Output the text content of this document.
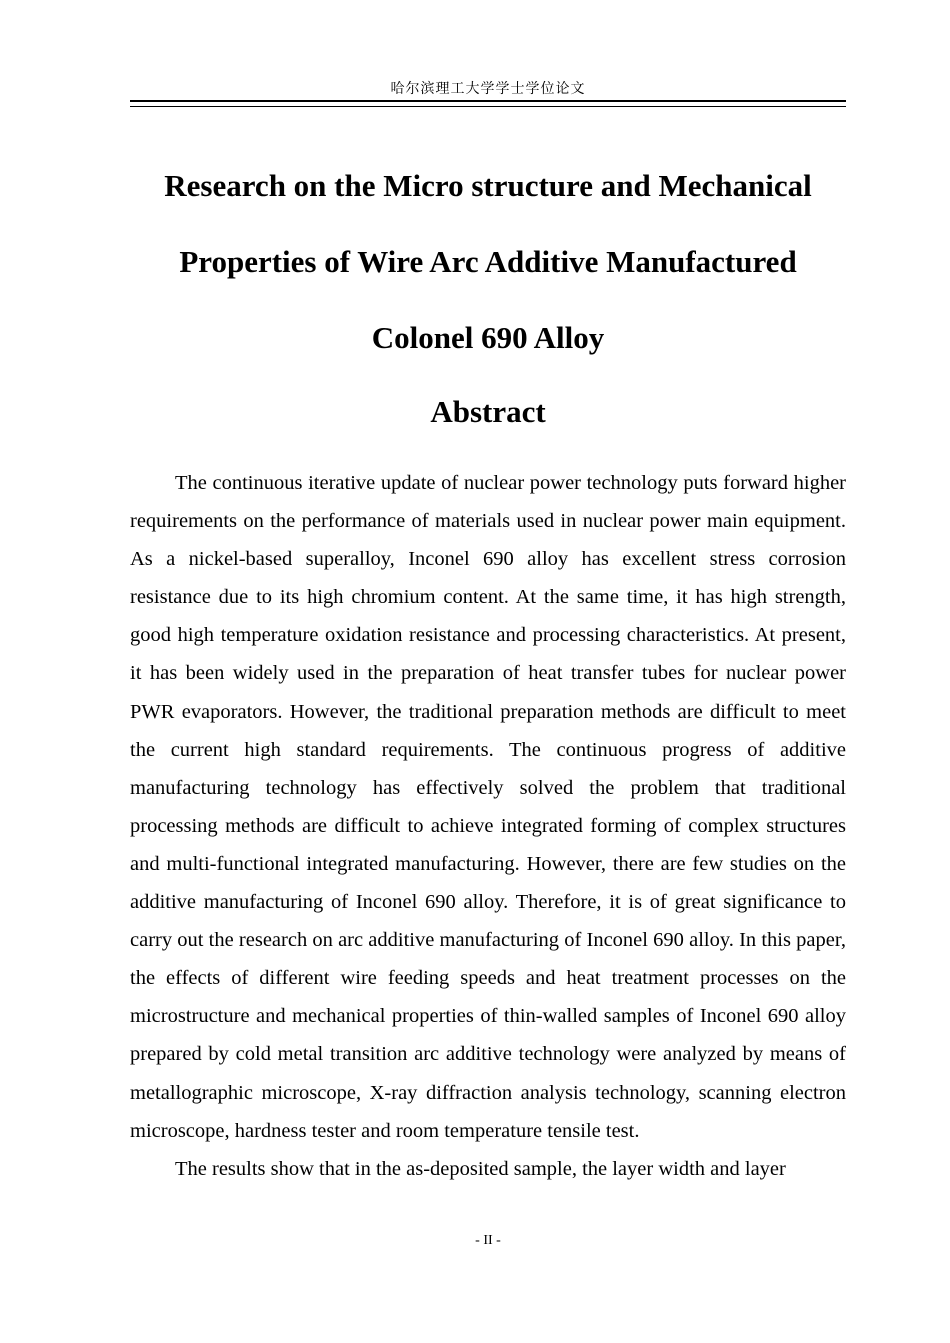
哈尔滨理工大学学士学位论文
Research on the Micro structure and Mechanical
Properties of Wire Arc Additive Manufactured
Colonel 690 Alloy
Abstract

The continuous iterative update of nuclear power technology puts forward higher requirements on the performance of materials used in nuclear power main equipment. As a nickel-based superalloy, Inconel 690 alloy has excellent stress corrosion resistance due to its high chromium content. At the same time, it has high strength, good high temperature oxidation resistance and processing characteristics. At present, it has been widely used in the preparation of heat transfer tubes for nuclear power PWR evaporators. However, the traditional preparation methods are difficult to meet the current high standard requirements. The continuous progress of additive manufacturing technology has effectively solved the problem that traditional processing methods are difficult to achieve integrated forming of complex structures and multi-functional integrated manufacturing. However, there are few studies on the additive manufacturing of Inconel 690 alloy. Therefore, it is of great significance to carry out the research on arc additive manufacturing of Inconel 690 alloy. In this paper, the effects of different wire feeding speeds and heat treatment processes on the microstructure and mechanical properties of thin-walled samples of Inconel 690 alloy prepared by cold metal transition arc additive technology were analyzed by means of metallographic microscope, X-ray diffraction analysis technology, scanning electron microscope, hardness tester and room temperature tensile test.

The results show that in the as-deposited sample, the layer width and layer

- II -
